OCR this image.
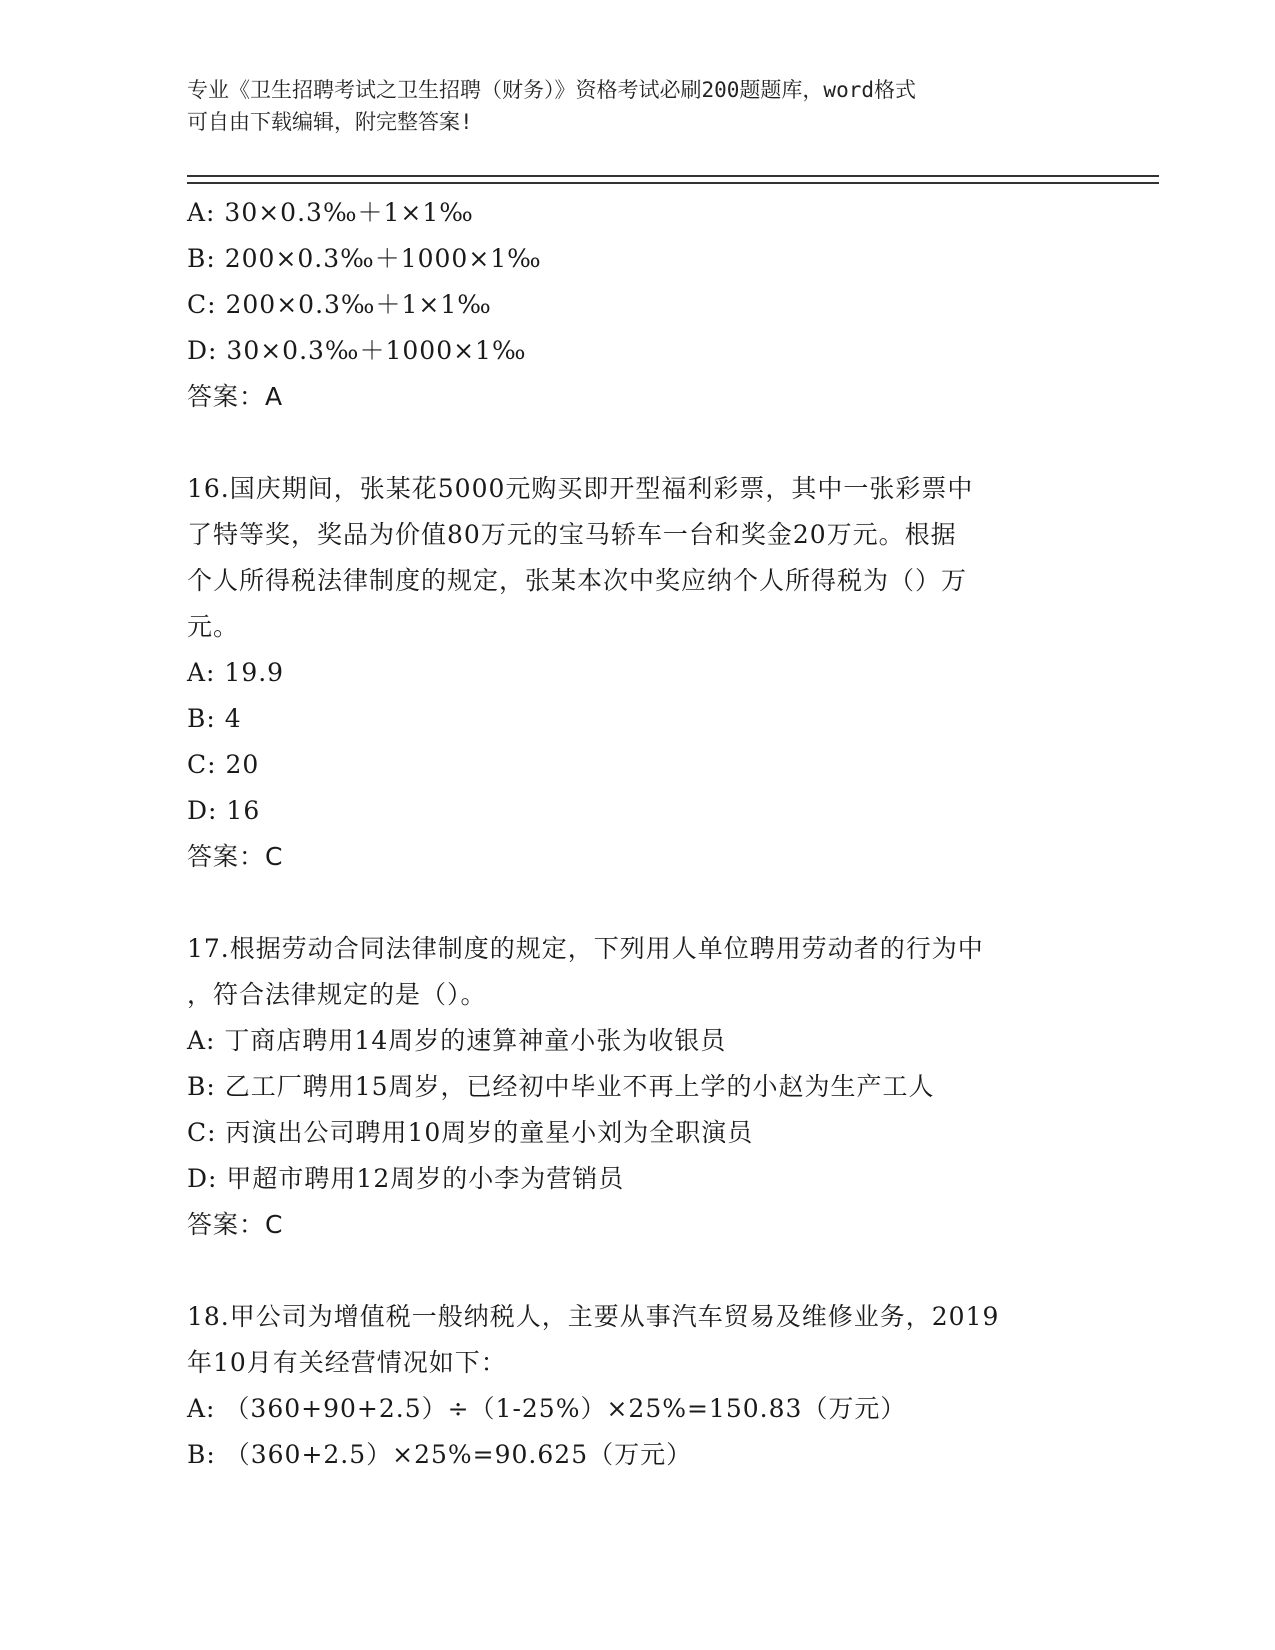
专业《卫生招聘考试之卫生招聘（财务）》资格考试必刷200题题库，word格式
可自由下载编辑，附完整答案!
A: 30×0.3‰＋1×1‰
B: 200×0.3‰＋1000×1‰
C: 200×0.3‰＋1×1‰
D: 30×0.3‰＋1000×1‰
答案：A
16.国庆期间，张某花5000元购买即开型福利彩票，其中一张彩票中
了特等奖，奖品为价值80万元的宝马轿车一台和奖金20万元。根据
个人所得税法律制度的规定，张某本次中奖应纳个人所得税为（）万
元。
A: 19.9
B: 4
C: 20
D: 16
答案：C
17.根据劳动合同法律制度的规定，下列用人单位聘用劳动者的行为中
，符合法律规定的是（）。
A: 丁商店聘用14周岁的速算神童小张为收银员
B: 乙工厂聘用15周岁，已经初中毕业不再上学的小赵为生产工人
C: 丙演出公司聘用10周岁的童星小刘为全职演员
D: 甲超市聘用12周岁的小李为营销员
答案：C
18.甲公司为增值税一般纳税人，主要从事汽车贸易及维修业务，2019
年10月有关经营情况如下：
A: （360+90+2.5）÷（1-25%）×25%=150.83（万元）
B: （360+2.5）×25%=90.625（万元）
